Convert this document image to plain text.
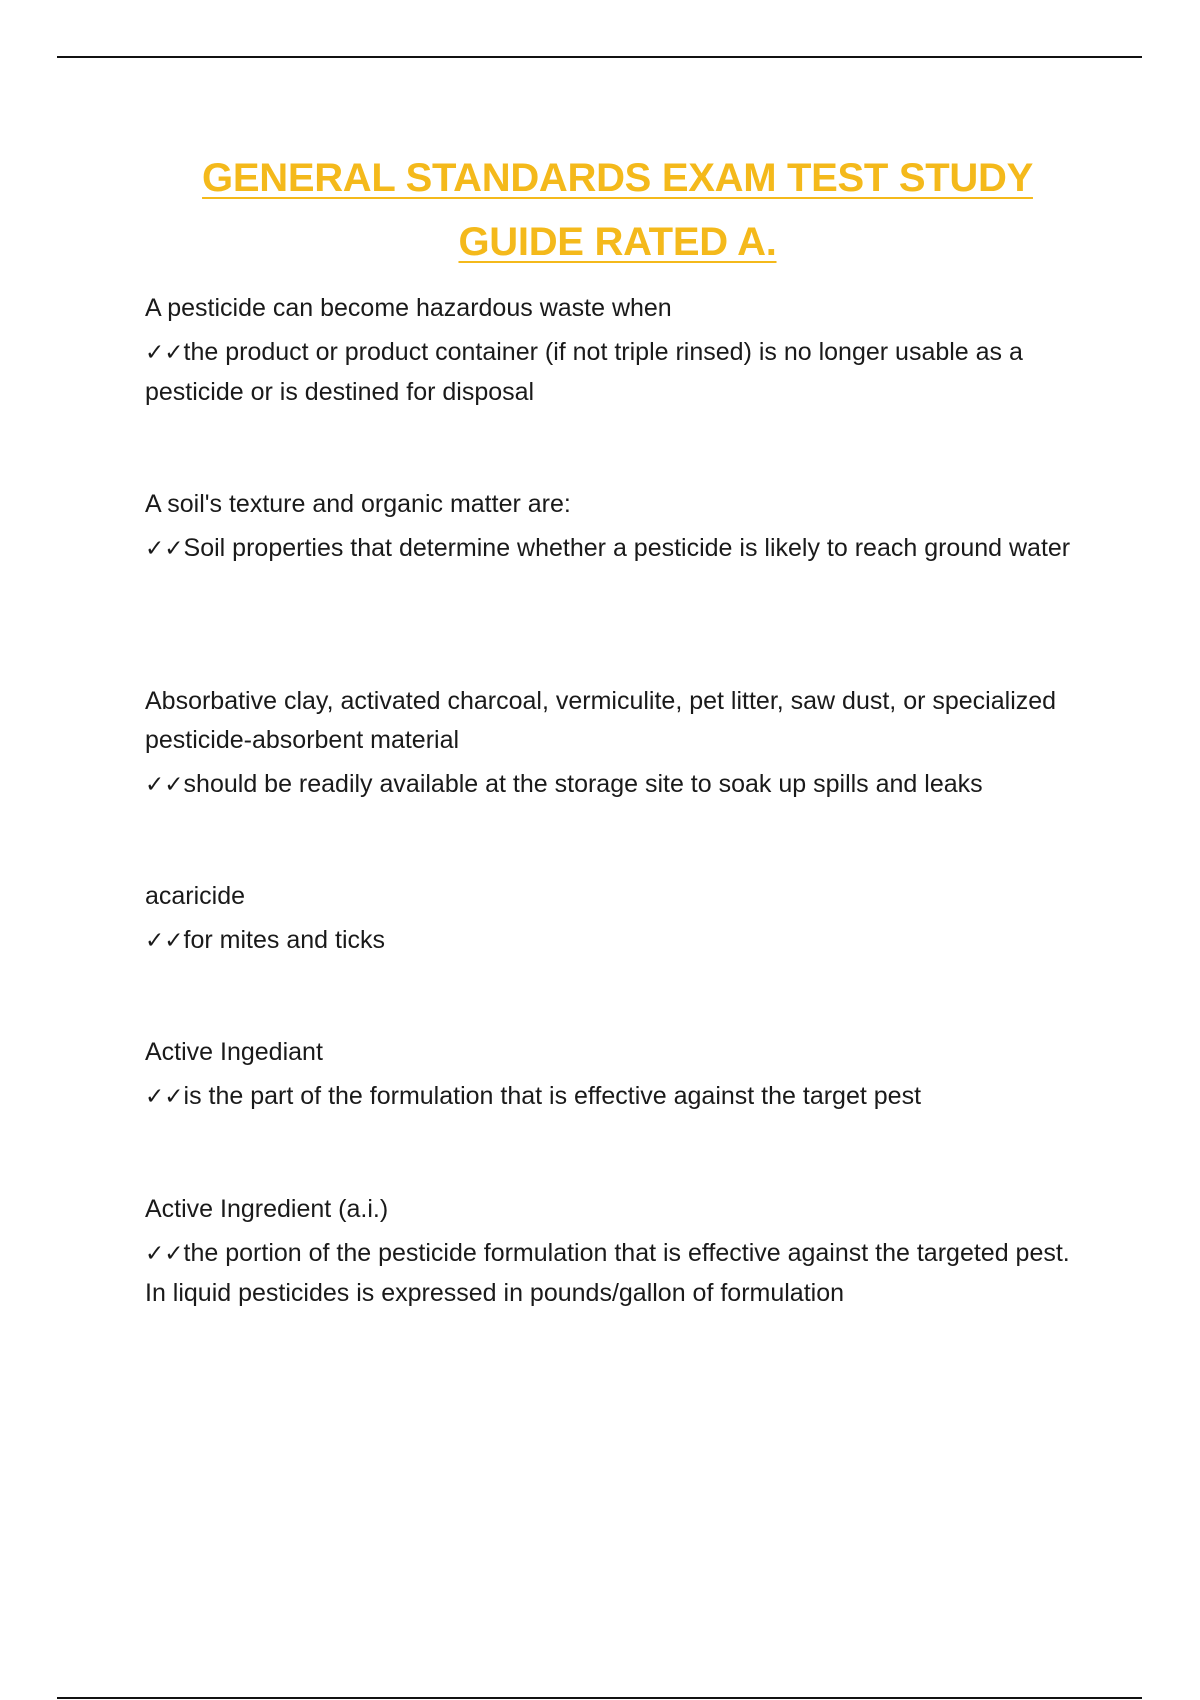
GENERAL STANDARDS EXAM TEST STUDY
GUIDE RATED A.
A pesticide can become hazardous waste when
✓✓the product or product container (if not triple rinsed) is no longer usable as a pesticide or is destined for disposal
A soil's texture and organic matter are:
✓✓Soil properties that determine whether a pesticide is likely to reach ground water
Absorbative clay, activated charcoal, vermiculite, pet litter, saw dust, or specialized pesticide-absorbent material
✓✓should be readily available at the storage site to soak up spills and leaks
acaricide
✓✓for mites and ticks
Active Ingediant
✓✓is the part of the formulation that is effective against the target pest
Active Ingredient (a.i.)
✓✓the portion of the pesticide formulation that is effective against the targeted pest. In liquid pesticides is expressed in pounds/gallon of formulation
